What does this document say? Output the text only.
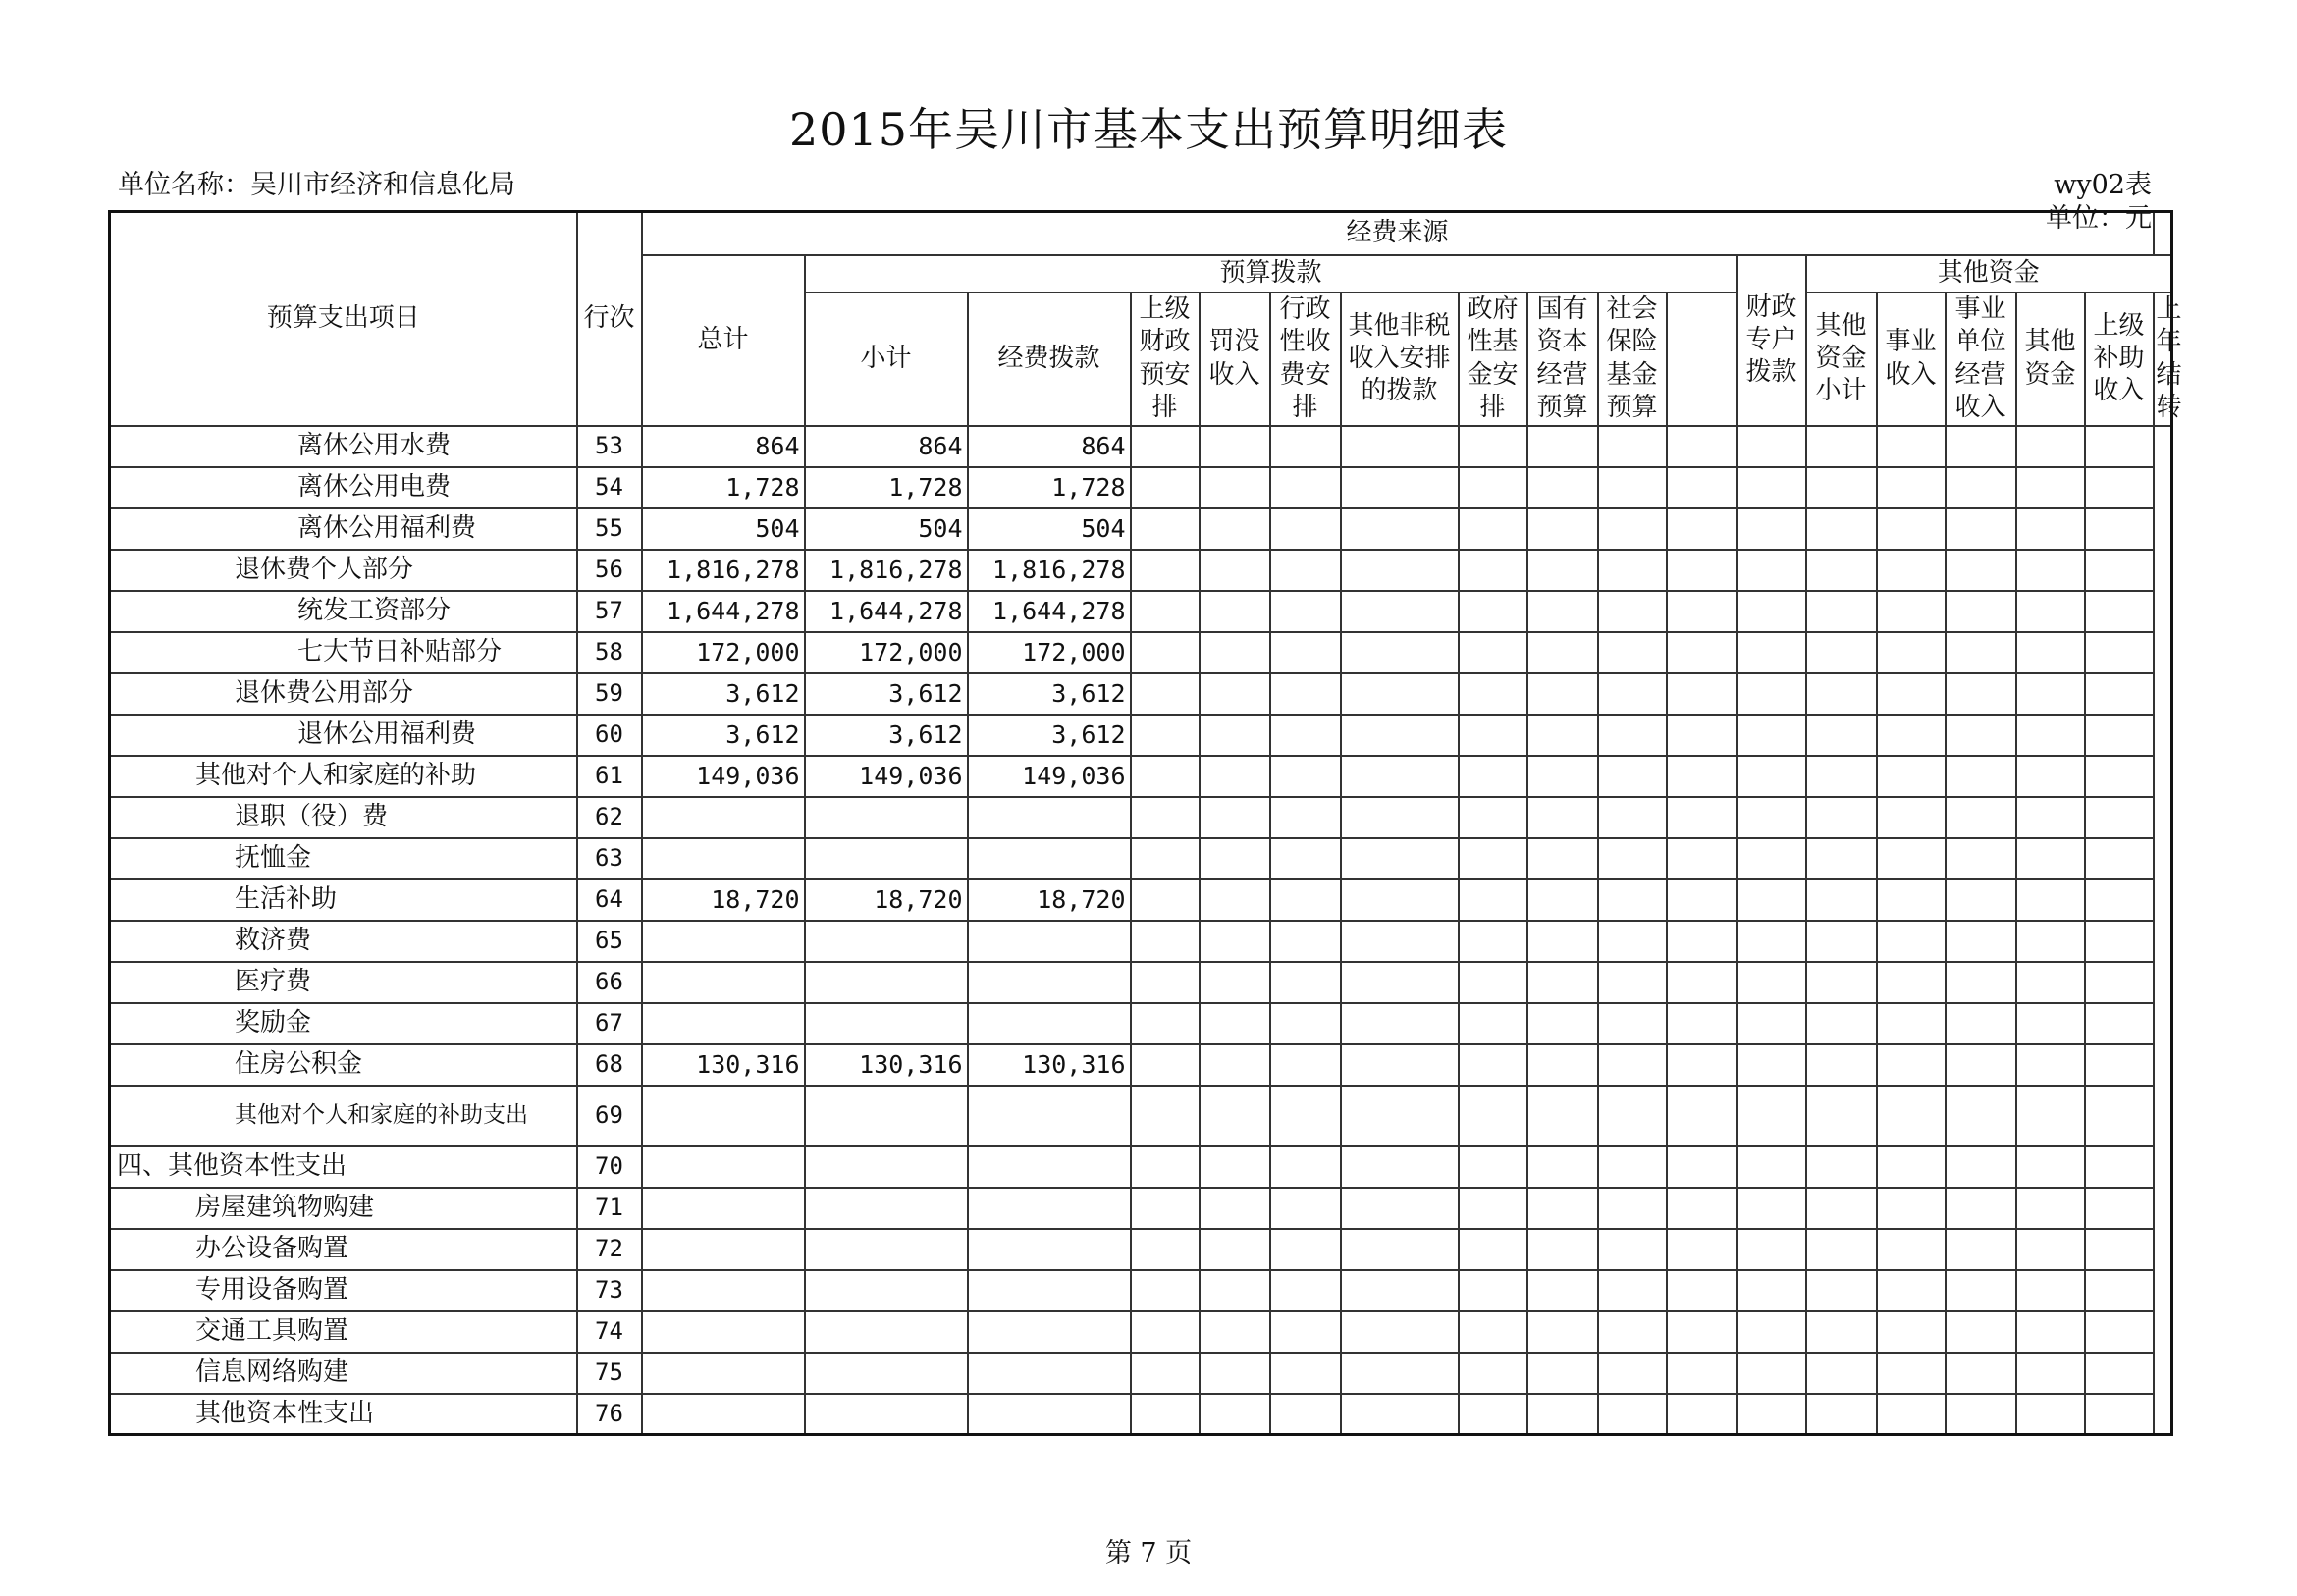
2015年吴川市基本支出预算明细表
单位名称：吴川市经济和信息化局	wy02表
单位：元
预算支出项日	行次	经费来源																	
		总计	预算拨款										财政专户拨款	其他资金					
			小计	经费拨款	上级财政预安排	罚没收入	行政性收费安排	其他非税收入安排的拨款	政府性基金安排	国有资本经营预算	社会保险基金预算			其他资金小计	事业收入	事业单位经营收入	其他资金	上级补助收入	上年结转
离休公用水费	53	864	864	864															
离休公用电费	54	1,728	1,728	1,728															
离休公用福利费	55	504	504	504															
退休费个人部分	56	1,816,278	1,816,278	1,816,278															
统发工资部分	57	1,644,278	1,644,278	1,644,278															
七大节日补贴部分	58	172,000	172,000	172,000															
退休费公用部分	59	3,612	3,612	3,612															
退休公用福利费	60	3,612	3,612	3,612															
其他对个人和家庭的补助	61	149,036	149,036	149,036															
退职（役）费	62																		
抚恤金	63																		
生活补助	64	18,720	18,720	18,720															
救济费	65																		
医疗费	66																		
奖励金	67																		
住房公积金	68	130,316	130,316	130,316															
其他对个人和家庭的补助支出	69																		
四、其他资本性支出	70																		
房屋建筑物购建	71																		
办公设备购置	72																		
专用设备购置	73																		
交通工具购置	74																		
信息网络购建	75																		
其他资本性支出	76																		
第 7 页
